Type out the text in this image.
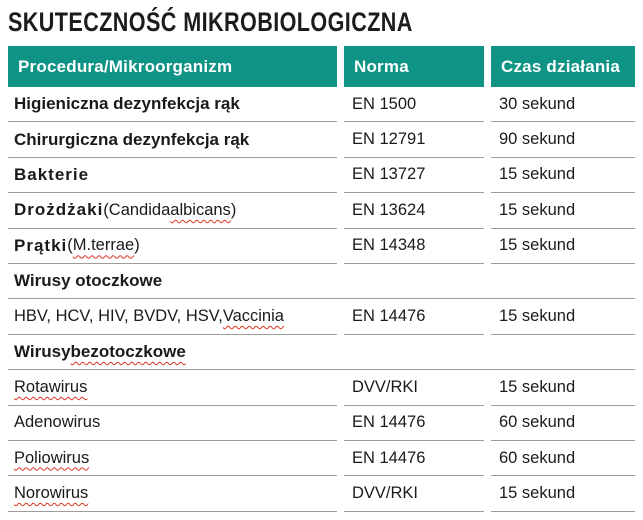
SKUTECZNOŚĆ MIKROBIOLOGICZNA
Procedura/Mikroorganizm	Norma	Czas działania
Higieniczna dezynfekcja rąk	EN 1500	30 sekund
Chirurgiczna dezynfekcja rąk	EN 12791	90 sekund
Bakterie	EN 13727	15 sekund
Drożdżaki (Candida albicans )	EN 13624	15 sekund
Prątki ( M.terrae )	EN 14348	15 sekund
Wirusy otoczkowe
HBV, HCV, HIV, BVDV, HSV, Vaccinia	EN 14476	15 sekund
Wirusy bezotoczkowe
Rotawirus	DVV/RKI	15 sekund
Adenowirus	EN 14476	60 sekund
Poliowirus	EN 14476	60 sekund
Norowirus	DVV/RKI	15 sekund
